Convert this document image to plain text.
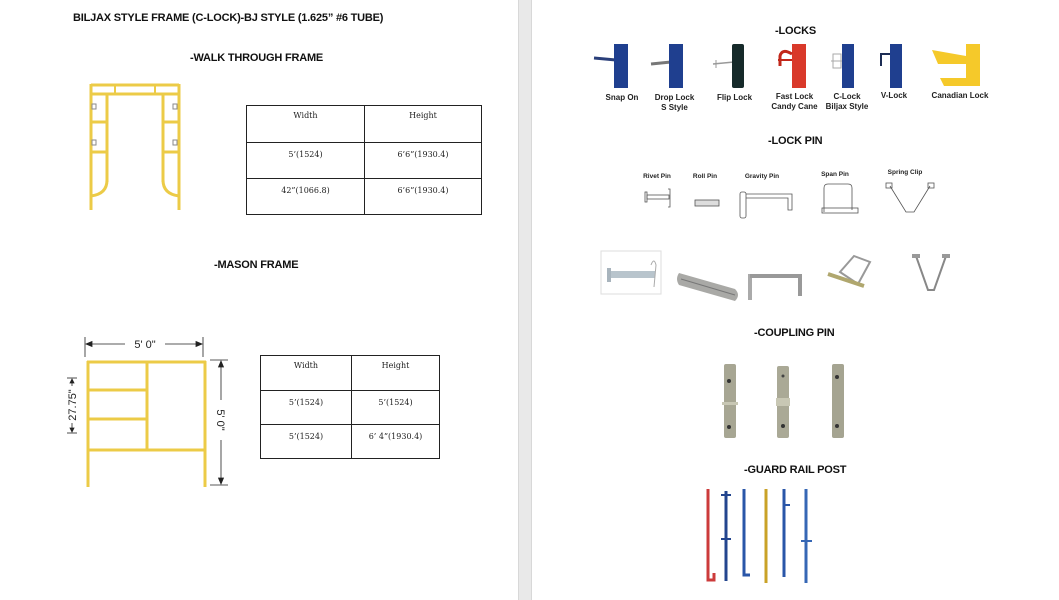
BILJAX STYLE FRAME (C-LOCK)-BJ STYLE (1.625” #6 TUBE)
-WALK THROUGH FRAME
Width	Height
5’(1524)	6’6”(1930.4)
42”(1066.8)	6’6”(1930.4)
-MASON FRAME
5' 0"
5' 0"
27.75"
Width	Height
5’(1524)	5’(1524)
5’(1524)	6’ 4”(1930.4)
-LOCKS
Snap On	Drop Lock
S Style
Flip Lock	Fast Lock
Candy Cane
C-Lock
Biljax Style
V-Lock	Canadian Lock
-LOCK PIN
Rivet Pin	Roll Pin	Gravity Pin	Span Pin	Spring Clip
-COUPLING PIN
-GUARD RAIL POST
